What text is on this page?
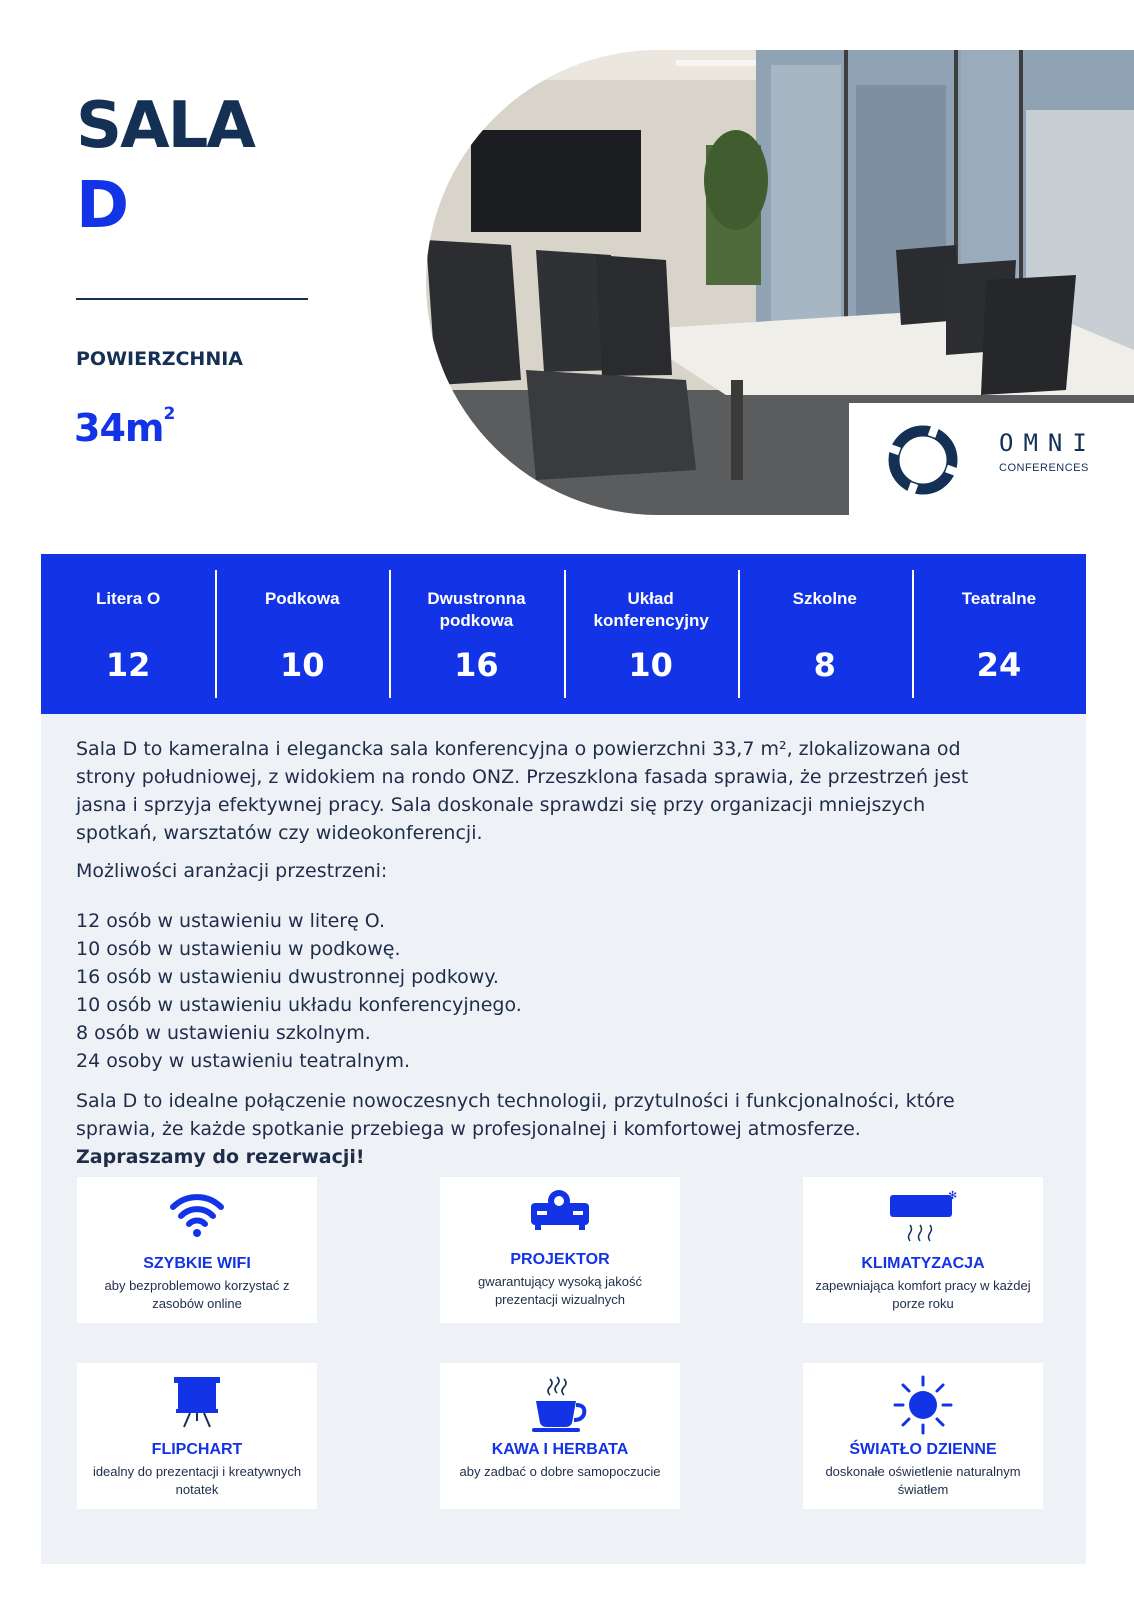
SALA
D
POWIERZCHNIA
$34m^2$
OMNI
CONFERENCES
Litera O
12
Podkowa
10
Dwustronna podkowa
16
Układ konferencyjny
10
Szkolne
8
Teatralne
24

Sala D to kameralna i elegancka sala konferencyjna o powierzchni 33,7 m², zlokalizowana od strony południowej, z widokiem na rondo ONZ. Przeszklona fasada sprawia, że przestrzeń jest jasna i sprzyja efektywnej pracy. Sala doskonale sprawdzi się przy organizacji mniejszych spotkań, warsztatów czy wideokonferencji.

Możliwości aranżacji przestrzeni:

12 osób w ustawieniu w literę O.
10 osób w ustawieniu w podkowę.
16 osób w ustawieniu dwustronnej podkowy.
10 osób w ustawieniu układu konferencyjnego.
8 osób w ustawieniu szkolnym.
24 osoby w ustawieniu teatralnym.

Sala D to idealne połączenie nowoczesnych technologii, przytulności i funkcjonalności, które sprawia, że każde spotkanie przebiega w profesjonalnej i komfortowej atmosferze.
Zapraszamy do rezerwacji!

SZYBKIE WIFI
aby bezproblemowo korzystać z zasobów online
PROJEKTOR
gwarantujący wysoką jakość prezentacji wizualnych
✻
KLIMATYZACJA
zapewniająca komfort pracy w każdej porze roku
FLIPCHART
idealny do prezentacji i kreatywnych notatek
KAWA I HERBATA
aby zadbać o dobre samopoczucie
ŚWIATŁO DZIENNE
doskonałe oświetlenie naturalnym światłem
